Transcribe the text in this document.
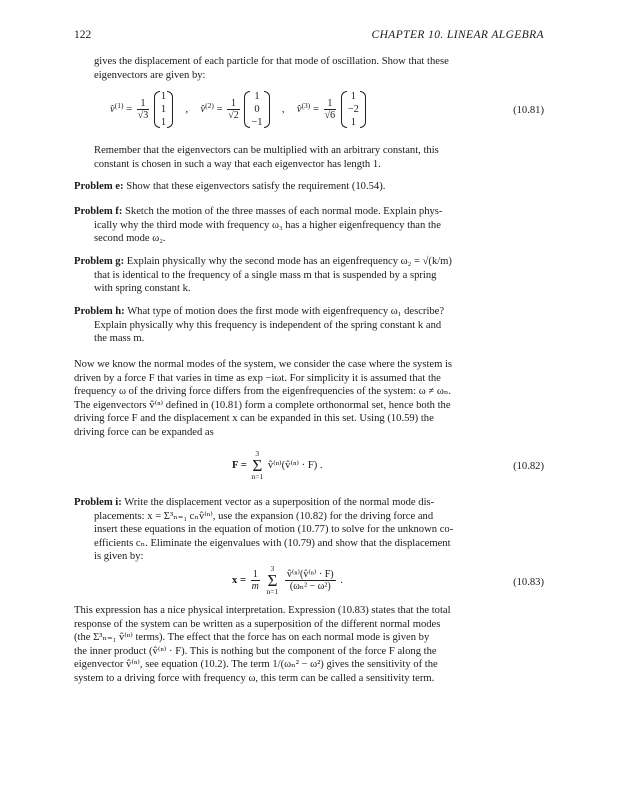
122	CHAPTER 10. LINEAR ALGEBRA
gives the displacement of each particle for that mode of oscillation. Show that these
eigenvectors are given by:
v̂$^{(1)}$ = $\frac{1}{√3}$

1
1
1
, v̂$^{(2)}$ = $\frac{1}{√2}$

1
0
−1
, v̂$^{(3)}$ = $\frac{1}{√6}$

1
−2
1
(10.81)
Remember that the eigenvectors can be multiplied with an arbitrary constant, this
constant is chosen in such a way that each eigenvector has length 1.
Problem e: Show that these eigenvectors satisfy the requirement (10.54).
Problem f: Sketch the motion of the three masses of each normal mode. Explain phys-
ically why the third mode with frequency ω₃ has a higher eigenfrequency than the
second mode ω₂.
Problem g: Explain physically why the second mode has an eigenfrequency ω₂ = √(k/m)
that is identical to the frequency of a single mass m that is suspended by a spring
with spring constant k.
Problem h: What type of motion does the first mode with eigenfrequency ω₁ describe?
Explain physically why this frequency is independent of the spring constant k and
the mass m.
Now we know the normal modes of the system, we consider the case where the system is
driven by a force F that varies in time as exp −iωt. For simplicity it is assumed that the
frequency ω of the driving force differs from the eigenfrequencies of the system: ω ≠ ωₙ.
The eigenvectors v̂⁽ⁿ⁾ defined in (10.81) form a complete orthonormal set, hence both the
driving force F and the displacement x can be expanded in this set. Using (10.59) the
driving force can be expanded as
F =
3
Σ
n=1
v̂⁽ⁿ⁾(v̂⁽ⁿ⁾ · F) .	(10.82)
Problem i: Write the displacement vector as a superposition of the normal mode dis-
placements: x = Σ³ₙ₌₁ cₙv̂⁽ⁿ⁾, use the expansion (10.82) for the driving force and
insert these equations in the equation of motion (10.77) to solve for the unknown co-
efficients cₙ. Eliminate the eigenvalues with (10.79) and show that the displacement
is given by:
$x = \frac{1}{m}$

3
Σ
n=1
$\frac{\text{v̂⁽ⁿ⁾(v̂⁽ⁿ⁾ · F)}}{\text{(ωₙ² − ω²)}}$ .	(10.83)
This expression has a nice physical interpretation. Expression (10.83) states that the total
response of the system can be written as a superposition of the different normal modes
(the Σ³ₙ₌₁ v̂⁽ⁿ⁾ terms). The effect that the force has on each normal mode is given by
the inner product (v̂⁽ⁿ⁾ · F). This is nothing but the component of the force F along the
eigenvector v̂⁽ⁿ⁾, see equation (10.2). The term 1/(ωₙ² − ω²) gives the sensitivity of the
system to a driving force with frequency ω, this term can be called a sensitivity term.
